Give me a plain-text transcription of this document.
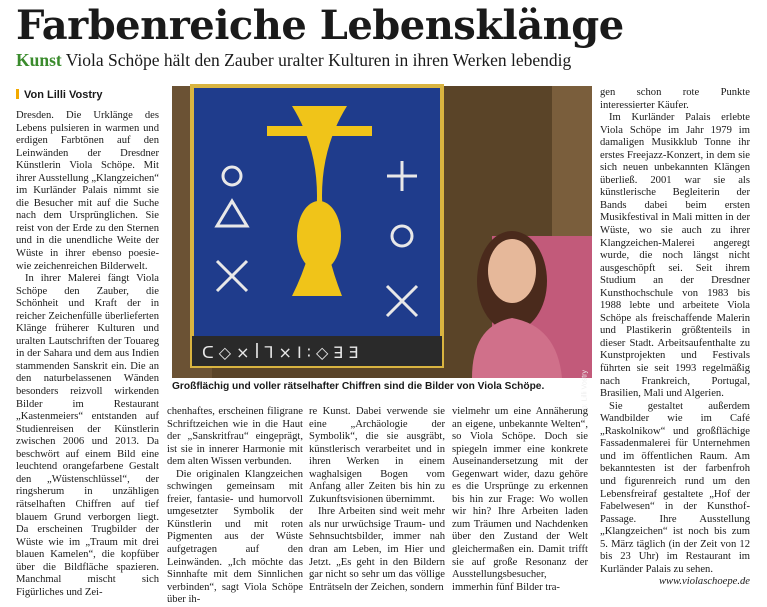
Farbenreiche Lebensklänge
Kunst Viola Schöpe hält den Zauber uralter Kulturen in ihren Werken lebendig
Von Lilli Vostry

Dresden. Die Urklänge des Lebens pulsieren in warmen und erdigen Farbtönen auf den Leinwänden der Dresdner Künstlerin Viola Schöpe. Mit ihrer Ausstellung „Klangzeichen“ im Kurländer Palais nimmt sie die Besucher mit auf die Suche nach dem Ursprünglichen. Sie reist von der Erde zu den Sternen und in die unendliche Weite der Wüste in ihrer ebenso poesie- wie zeichenreichen Bilderwelt.

In ihrer Malerei fängt Viola Schöpe den Zauber, die Schönheit und Kraft der in reicher Zeichenfülle überlieferten Klänge früherer Kulturen und uralten Lautschriften der Touareg in der Sahara und dem aus Indien stammenden Sanskrit ein. Die an den naturbelassenen Wänden besonders reizvoll wirkenden Bilder im Restaurant „Kastenmeiers“ entstanden auf Studienreisen der Künstlerin zwischen 2006 und 2013. Da beschwört auf einem Bild eine leuchtend orangefarbene Gestalt den „Wüstenschlüssel“, der ringsherum in unzähligen rätselhaften Chiffren auf tief blauem Grund verborgen liegt. Da erscheinen Trugbilder der Wüste wie im „Traum mit drei blauen Kamelen“, die kopfüber über die Bildfläche spazieren. Manchmal mischt sich Figürliches und Zei-

ᑕ ◇ × ꟾ ⅂ × ꓲ ∶ ◇ ꓱ Ǝ
Foto: Lilli Vostry
Großflächig und voller rätselhafter Chiffren sind die Bilder von Viola Schöpe.

chenhaftes, erscheinen filigrane Schriftzeichen wie in die Haut der „Sanskritfrau“ eingeprägt, ist sie in innerer Harmonie mit dem alten Wissen verbunden.

Die originalen Klangzeichen schwingen gemeinsam mit freier, fantasie- und humorvoll umgesetzter Symbolik der Künstlerin und mit roten Pigmenten aus der Wüste aufgetragen auf den Leinwänden. „Ich möchte das Sinnhafte mit dem Sinnlichen verbinden“, sagt Viola Schöpe über ih-

re Kunst. Dabei verwende sie eine „Archäologie der Symbolik“, die sie ausgräbt, künstlerisch verarbeitet und in ihren Werken in einem waghalsigen Bogen vom Anfang aller Zeiten bis hin zu Zukunftsvisionen übernimmt.

Ihre Arbeiten sind weit mehr als nur urwüchsige Traum- und Sehnsuchtsbilder, immer nah dran am Leben, im Hier und Jetzt. „Es geht in den Bildern gar nicht so sehr um das völlige Enträtseln der Zeichen, sondern

vielmehr um eine Annäherung an eigene, unbekannte Welten“, so Viola Schöpe. Doch sie spiegeln immer eine konkrete Auseinandersetzung mit der Gegenwart wider, dazu gehöre es die Ursprünge zu erkennen bis hin zur Frage: Wo wollen wir hin? Ihre Arbeiten laden zum Träumen und Nachdenken über den Zustand der Welt gleichermaßen ein. Damit trifft sie auf große Resonanz der Ausstellungsbesucher, immerhin fünf Bilder tra-

gen schon rote Punkte interessierter Käufer.

Im Kurländer Palais erlebte Viola Schöpe im Jahr 1979 im damaligen Musikklub Tonne ihr erstes Freejazz-Konzert, in dem sie sich neuen unbekannten Klängen überließ. 2001 war sie als künstlerische Begleiterin der Bands dabei beim ersten Musikfestival in Mali mitten in der Wüste, wo sie auch zu ihrer Klangzeichen-Malerei angeregt wurde, die noch längst nicht ausgeschöpft sei. Seit ihrem Studium an der Dresdner Kunsthochschule von 1983 bis 1988 lebte und arbeitete Viola Schöpe als freischaffende Malerin und Plastikerin größtenteils in dieser Stadt. Arbeitsaufenthalte zu Kunstprojekten und Festivals führten sie seit 1993 regelmäßig nach Frankreich, Portugal, Brasilien, Mali und Algerien.

Sie gestaltet außerdem Wandbilder wie im Café „Raskolnikow“ und großflächige Fassadenmalerei für Unternehmen und im öffentlichen Raum. Am bekanntesten ist der farbenfroh und figurenreich rund um den Lebensfreiraf gestaltete „Hof der Fabelwesen“ in der Kunsthof-Passage. Ihre Ausstellung „Klangzeichen“ ist noch bis zum 5. März täglich (in der Zeit von 12 bis 23 Uhr) im Restaurant im Kurländer Palais zu sehen.

www.violaschoepe.de
